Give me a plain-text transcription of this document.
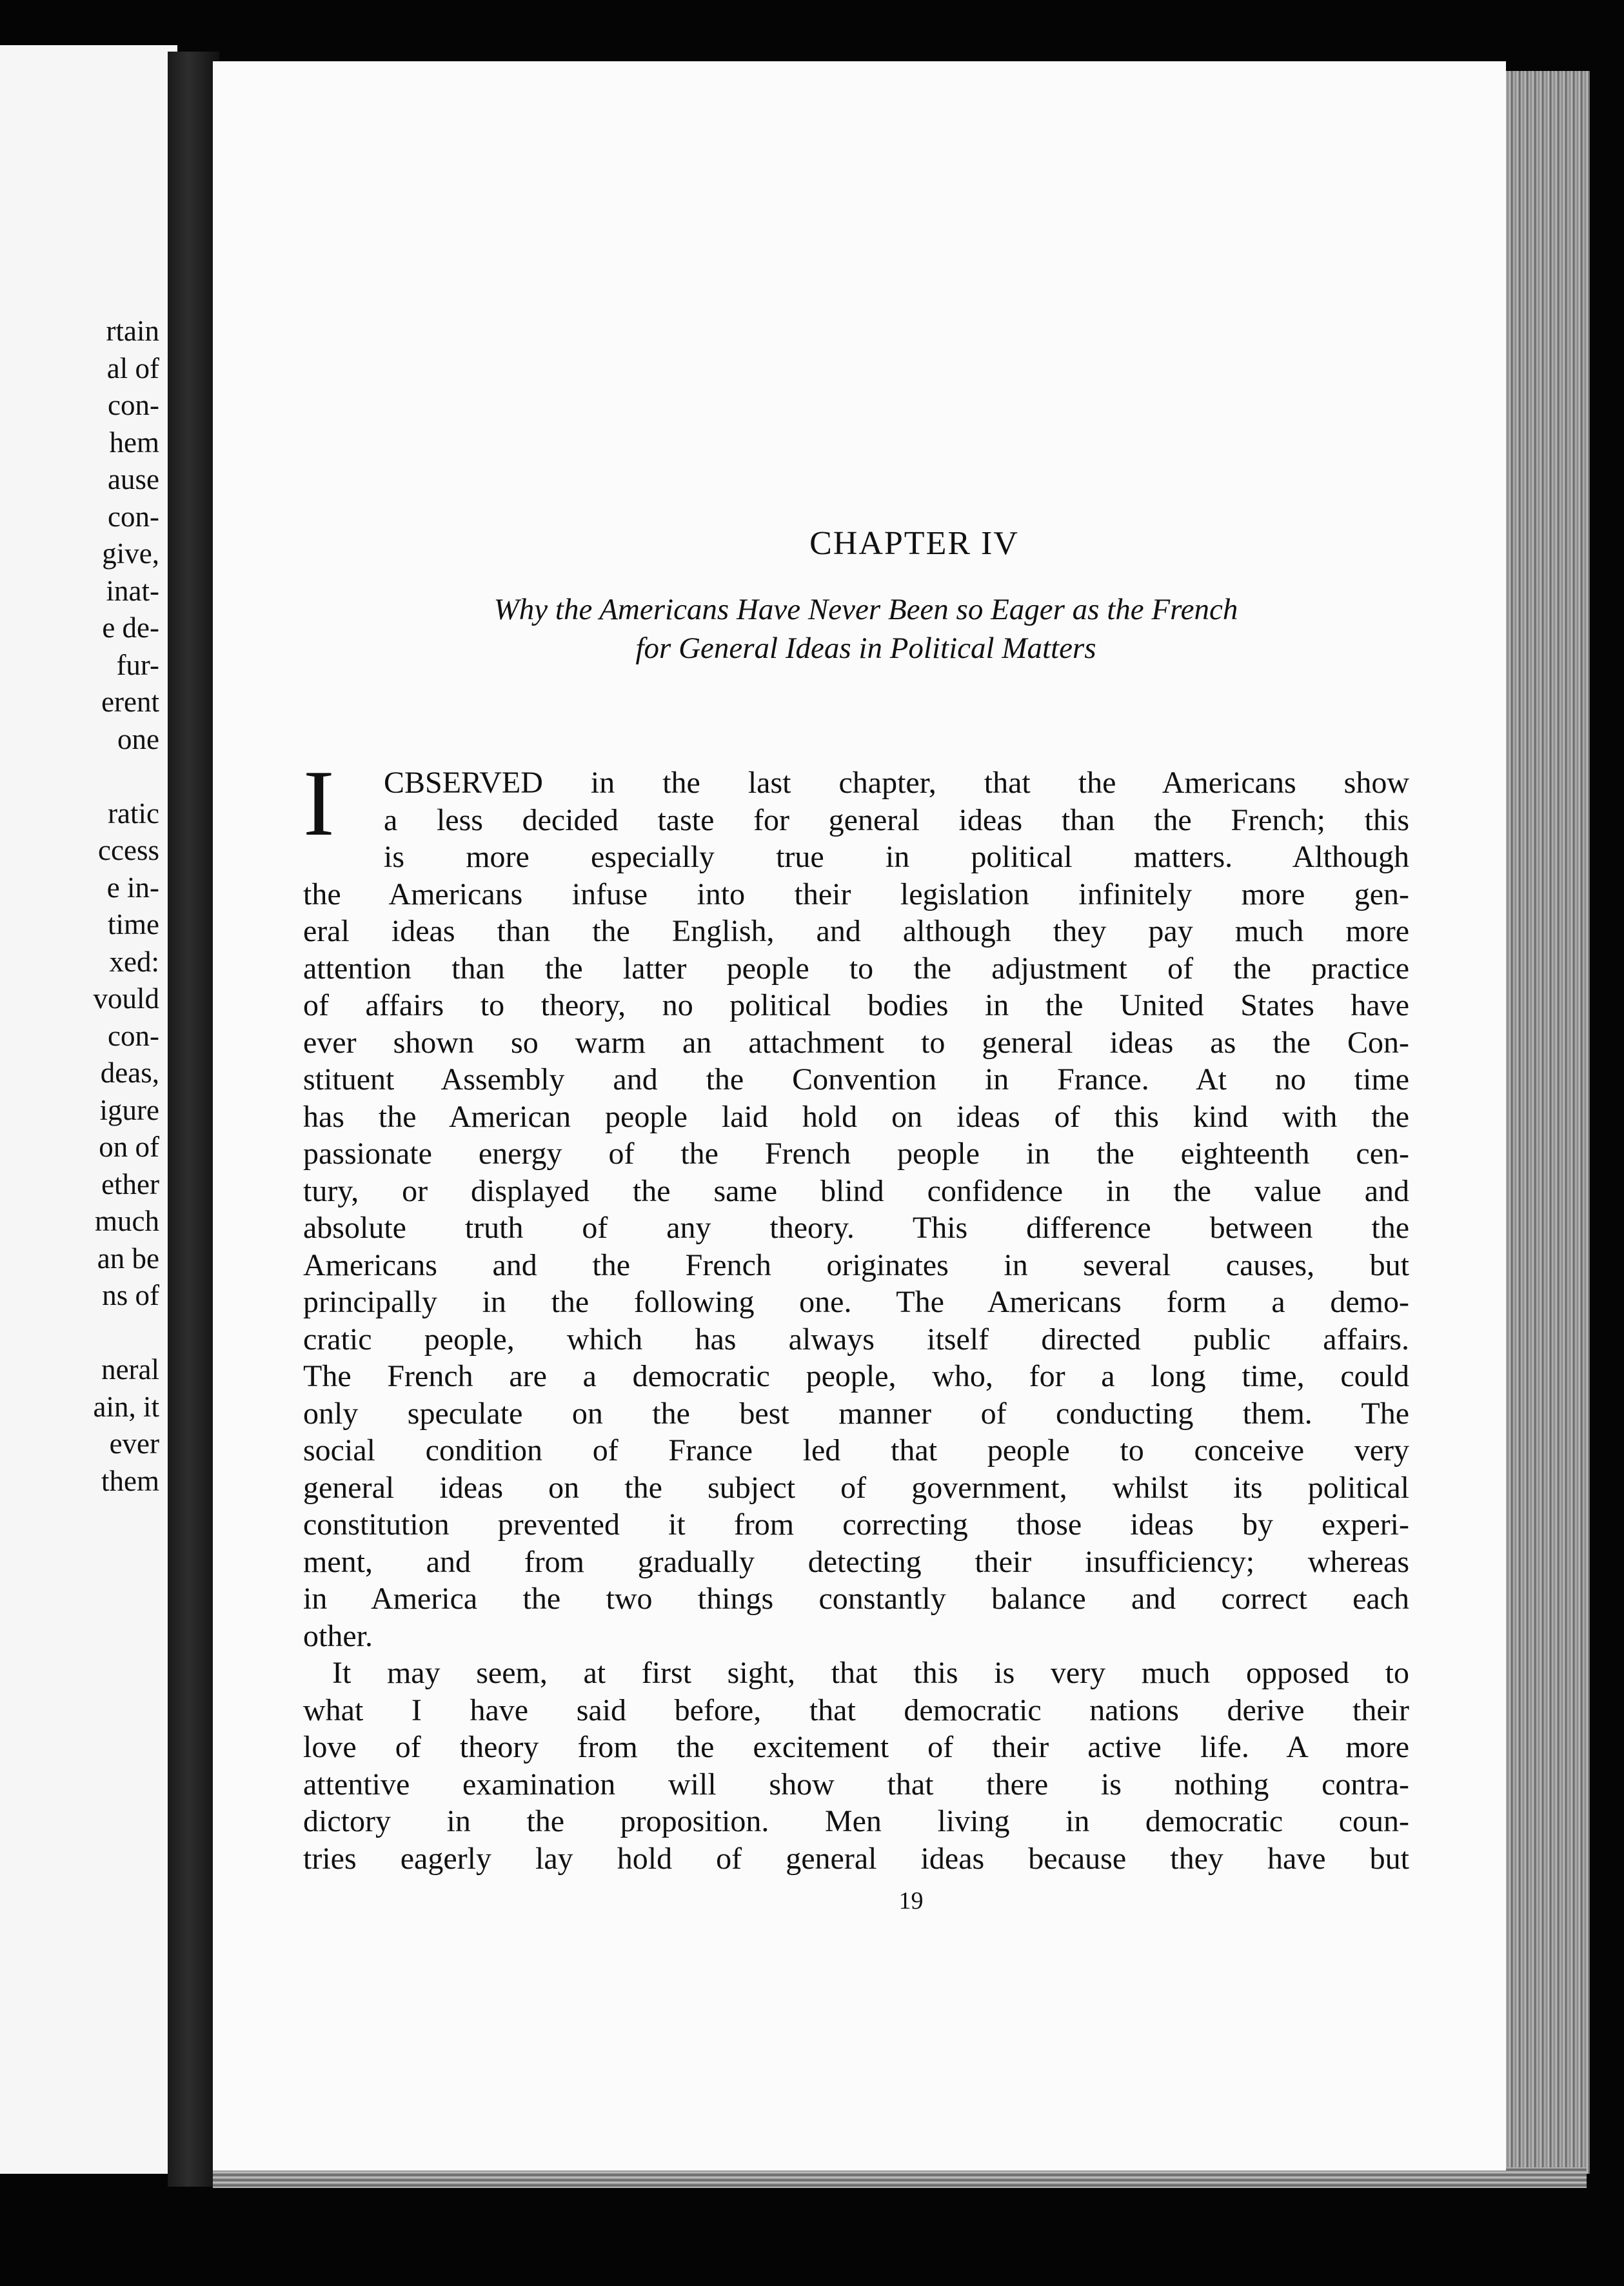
rtain
al of
con-
hem
ause
con-
give,
inat-
e de-
fur-
erent
one
ratic
ccess
e in-
time
xed:
vould
con-
deas,
igure
on of
ether
much
an be
ns of
neral
ain, it
ever
them
CHAPTER IV
Why the Americans Have Never Been so Eager as the French
for General Ideas in Political Matters
I	CBSERVED in the last chapter, that the Americans show
a less decided taste for general ideas than the French; this
is more especially true in political matters. Although
the Americans infuse into their legislation infinitely more gen-
eral ideas than the English, and although they pay much more
attention than the latter people to the adjustment of the practice
of affairs to theory, no political bodies in the United States have
ever shown so warm an attachment to general ideas as the Con-
stituent Assembly and the Convention in France. At no time
has the American people laid hold on ideas of this kind with the
passionate energy of the French people in the eighteenth cen-
tury, or displayed the same blind confidence in the value and
absolute truth of any theory. This difference between the
Americans and the French originates in several causes, but
principally in the following one. The Americans form a demo-
cratic people, which has always itself directed public affairs.
The French are a democratic people, who, for a long time, could
only speculate on the best manner of conducting them. The
social condition of France led that people to conceive very
general ideas on the subject of government, whilst its political
constitution prevented it from correcting those ideas by experi-
ment, and from gradually detecting their insufficiency; whereas
in America the two things constantly balance and correct each
other.
It may seem, at first sight, that this is very much opposed to
what I have said before, that democratic nations derive their
love of theory from the excitement of their active life. A more
attentive examination will show that there is nothing contra-
dictory in the proposition. Men living in democratic coun-
tries eagerly lay hold of general ideas because they have but
19
